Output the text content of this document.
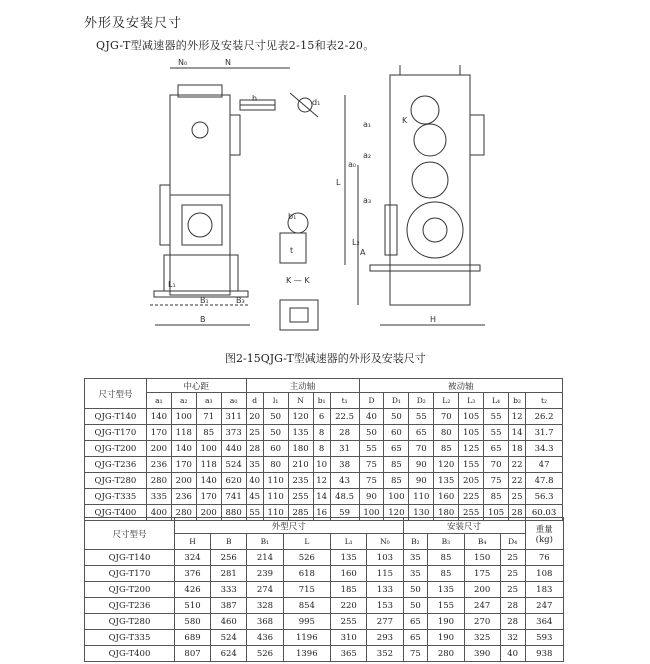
外形及安装尺寸
QJG-T型减速器的外形及安装尺寸见表2-15和表2-20。
N₀	N
h	d₁
L₁
B₁	B₃
B
b₁
t
K — K
K
a₁
a₂
a₃
a₀
L
A
H
L₂
图2-15QJG-T型减速器的外形及安装尺寸
尺寸型号	中心距				主动轴					被动轴							
	a₁	a₂	a₃	a₀	d	l₁	N	b₁	t₁	D	D₁	D₂	L₂	L₃	L₄	b₂	t₂
QJG-T140	140	100	71	311	20	50	120	6	22.5	40	50	55	70	105	55	12	26.2
QJG-T170	170	118	85	373	25	50	135	8	28	50	60	65	80	105	55	14	31.7
QJG-T200	200	140	100	440	28	60	180	8	31	55	65	70	85	125	65	18	34.3
QJG-T236	236	170	118	524	35	80	210	10	38	75	85	90	120	155	70	22	47
QJG-T280	280	200	140	620	40	110	235	12	43	75	85	90	135	205	75	22	47.8
QJG-T335	335	236	170	741	45	110	255	14	48.5	90	100	110	160	225	85	25	56.3
QJG-T400	400	280	200	880	55	110	285	16	59	100	120	130	180	255	105	28	60.03
尺寸型号	外型尺寸						安装尺寸				重量
(kg)
	H	B	B₁	L	L₁	N₀	B₂	B₃	B₄	D₄	
QJG-T140	324	256	214	526	135	103	35	85	150	25	76
QJG-T170	376	281	239	618	160	115	35	85	175	25	108
QJG-T200	426	333	274	715	185	133	50	135	200	25	183
QJG-T236	510	387	328	854	220	153	50	155	247	28	247
QJG-T280	580	460	368	995	255	277	65	190	270	28	364
QJG-T335	689	524	436	1196	310	293	65	190	325	32	593
QJG-T400	807	624	526	1396	365	352	75	280	390	40	938
